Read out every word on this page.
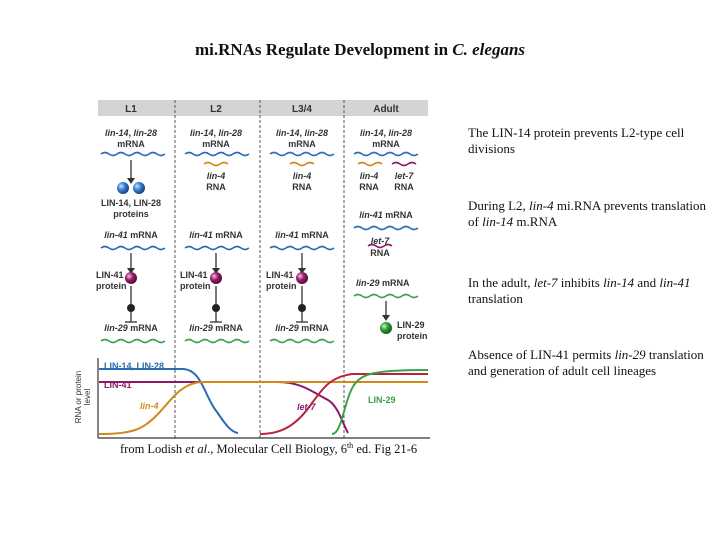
mi.RNAs Regulate Development in C. elegans
The LIN-14 protein prevents L2-type cell divisions
During L2, lin-4 mi.RNA prevents translation of lin-14 m.RNA
In the adult, let-7 inhibits lin-14 and lin-41 translation
Absence of LIN-41 permits lin-29 translation and generation of adult cell lineages
from Lodish et al., Molecular Cell Biology, 6th ed. Fig 21-6
L1	L2	L3/4	Adult
lin-14, lin-28
mRNA
lin-14, lin-28
mRNA
lin-14, lin-28
mRNA
lin-14, lin-28
mRNA
LIN-14, LIN-28
proteins
lin-4
RNA
lin-4
RNA
lin-4
RNA
let-7
RNA
lin-41 mRNA	lin-41 mRNA	lin-41 mRNA
lin-41 mRNA
let-7
RNA
LIN-41
protein
LIN-41
protein
LIN-41
protein	lin-29 mRNA
lin-29 mRNA	lin-29 mRNA	lin-29 mRNA	LIN-29
protein
RNA or protein level
LIN-14, LIN-28
LIN-41
lin-4	let-7
LIN-29
